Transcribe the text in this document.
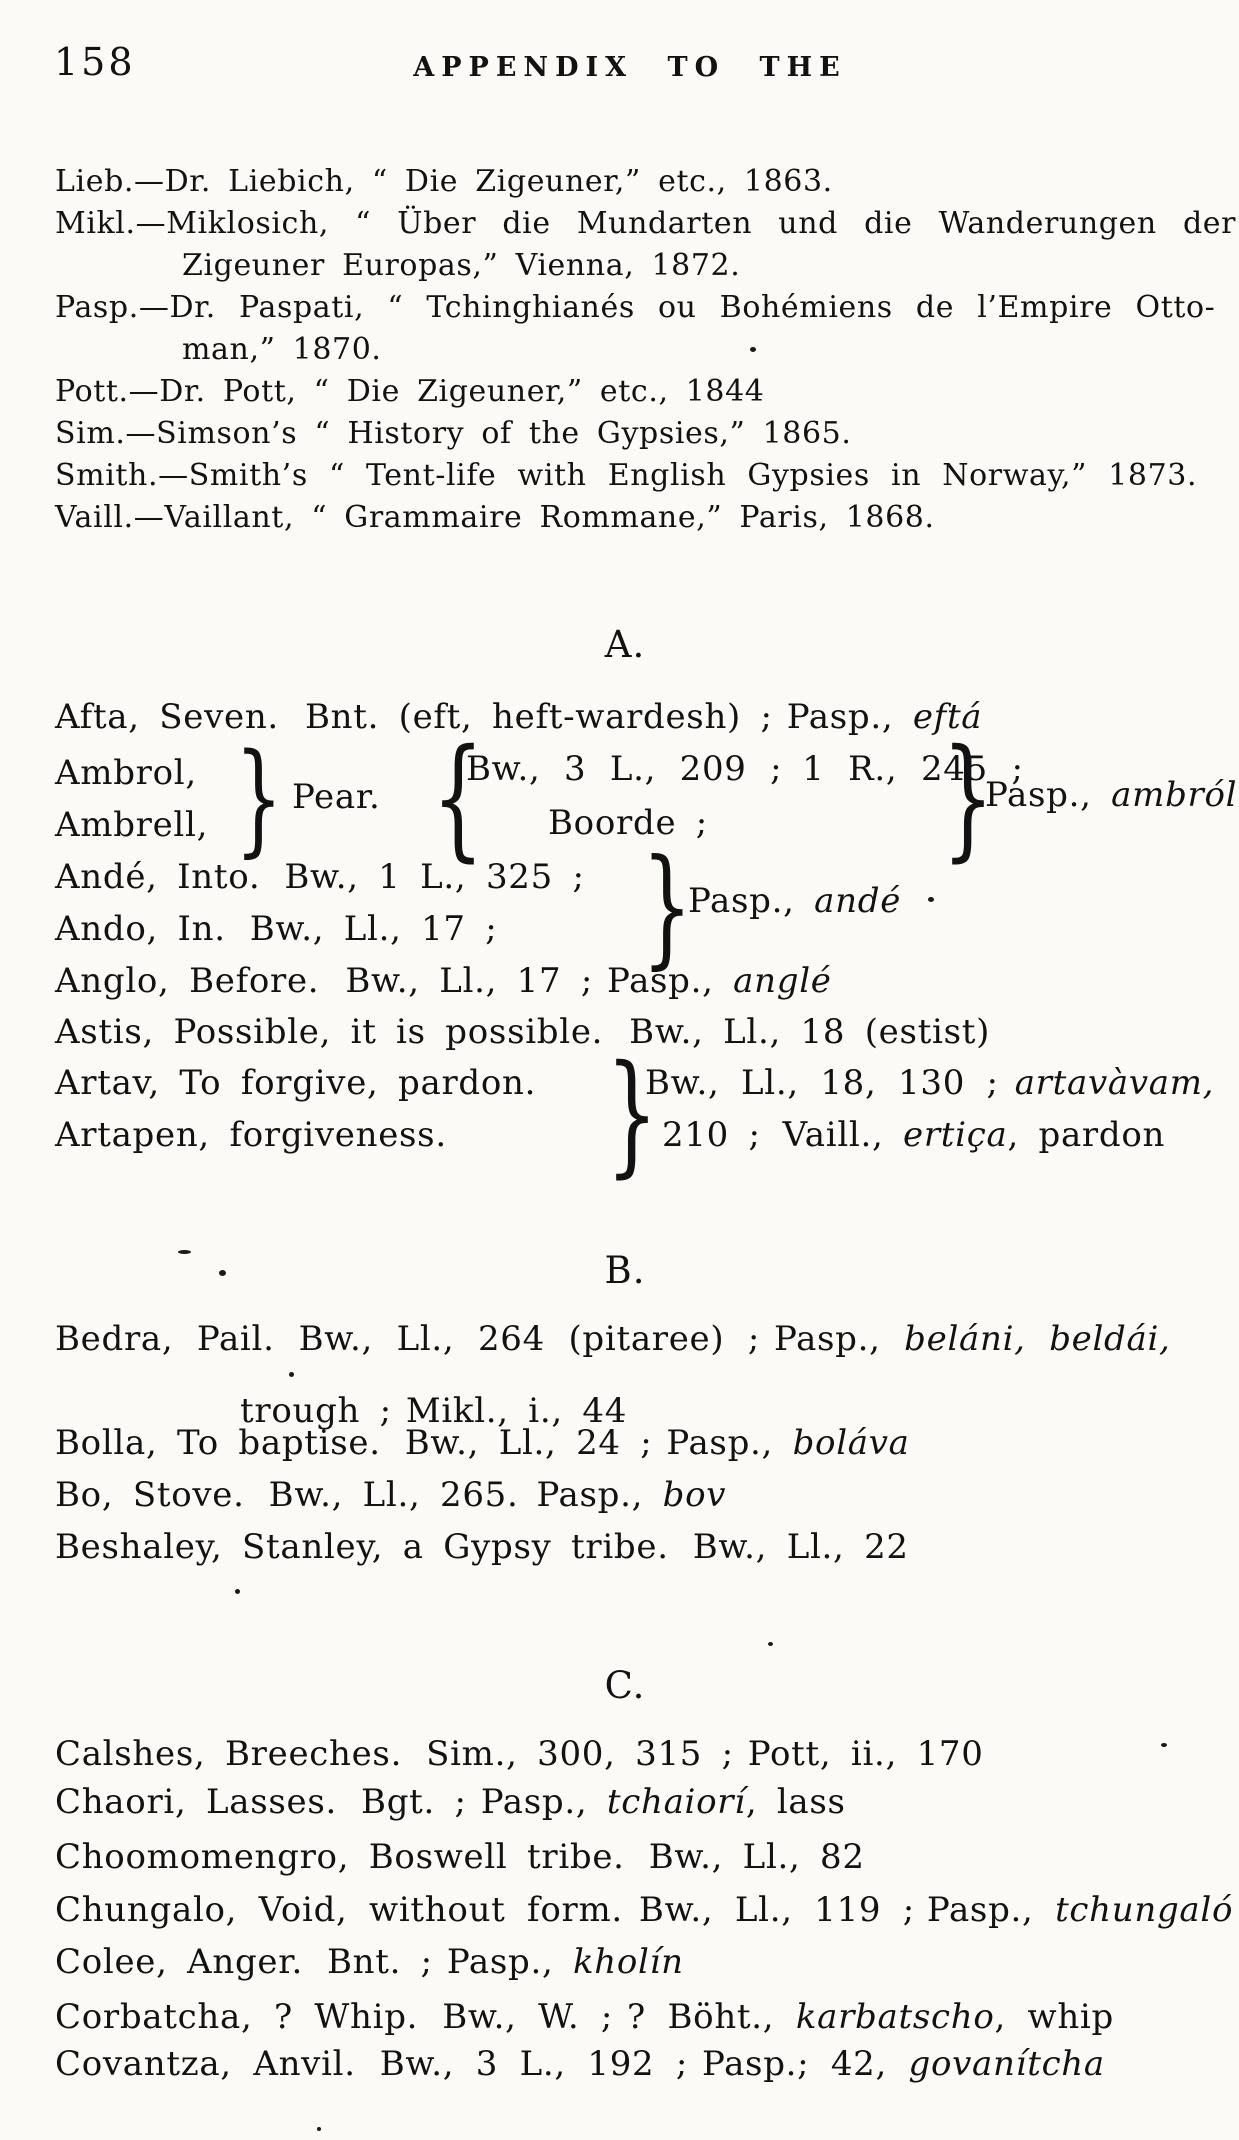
158	APPENDIX TO THE
Lieb.—Dr. Liebich, “ Die Zigeuner,” etc., 1863.
Mikl.—Miklosich, “ Über die Mundarten und die Wanderungen der
Zigeuner Europas,” Vienna, 1872.
Pasp.—Dr. Paspati, “ Tchinghianés ou Bohémiens de l’Empire Otto-
man,” 1870.
Pott.—Dr. Pott, “ Die Zigeuner,” etc., 1844
Sim.—Simson’s “ History of the Gypsies,” 1865.
Smith.—Smith’s “ Tent-life with English Gypsies in Norway,” 1873.
Vaill.—Vaillant, “ Grammaire Rommane,” Paris, 1868.
A.
Afta, Seven. Bnt. (eft, heft-wardesh) ; Pasp., eftá
Ambrol,
Ambrell, } Pear. {
Bw., 3 L., 209 ; 1 R., 245 ;
Boorde ; }
Pasp., ambról
Andé, Into. Bw., 1 L., 325 ;
Ando, In. Bw., Ll., 17 ; }
Pasp., andé
Anglo, Before. Bw., Ll., 17 ; Pasp., anglé
Astis, Possible, it is possible. Bw., Ll., 18 (estist)
Artav, To forgive, pardon. }
Bw., Ll., 18, 130 ; artavàvam,
Artapen, forgiveness.	210 ; Vaill., ertiça, pardon
B.
Bedra, Pail. Bw., Ll., 264 (pitaree) ; Pasp., beláni, beldái,
trough ; Mikl., i., 44
Bolla, To baptise. Bw., Ll., 24 ; Pasp., boláva
Bo, Stove. Bw., Ll., 265. Pasp., bov
Beshaley, Stanley, a Gypsy tribe. Bw., Ll., 22
C.
Calshes, Breeches. Sim., 300, 315 ; Pott, ii., 170
Chaori, Lasses. Bgt. ; Pasp., tchaiorí, lass
Choomomengro, Boswell tribe. Bw., Ll., 82
Chungalo, Void, without form. Bw., Ll., 119 ; Pasp., tchungaló
Colee, Anger. Bnt. ; Pasp., kholín
Corbatcha, ? Whip. Bw., W. ; ? Böht., karbatscho, whip
Covantza, Anvil. Bw., 3 L., 192 ; Pasp.; 42, govanítcha
